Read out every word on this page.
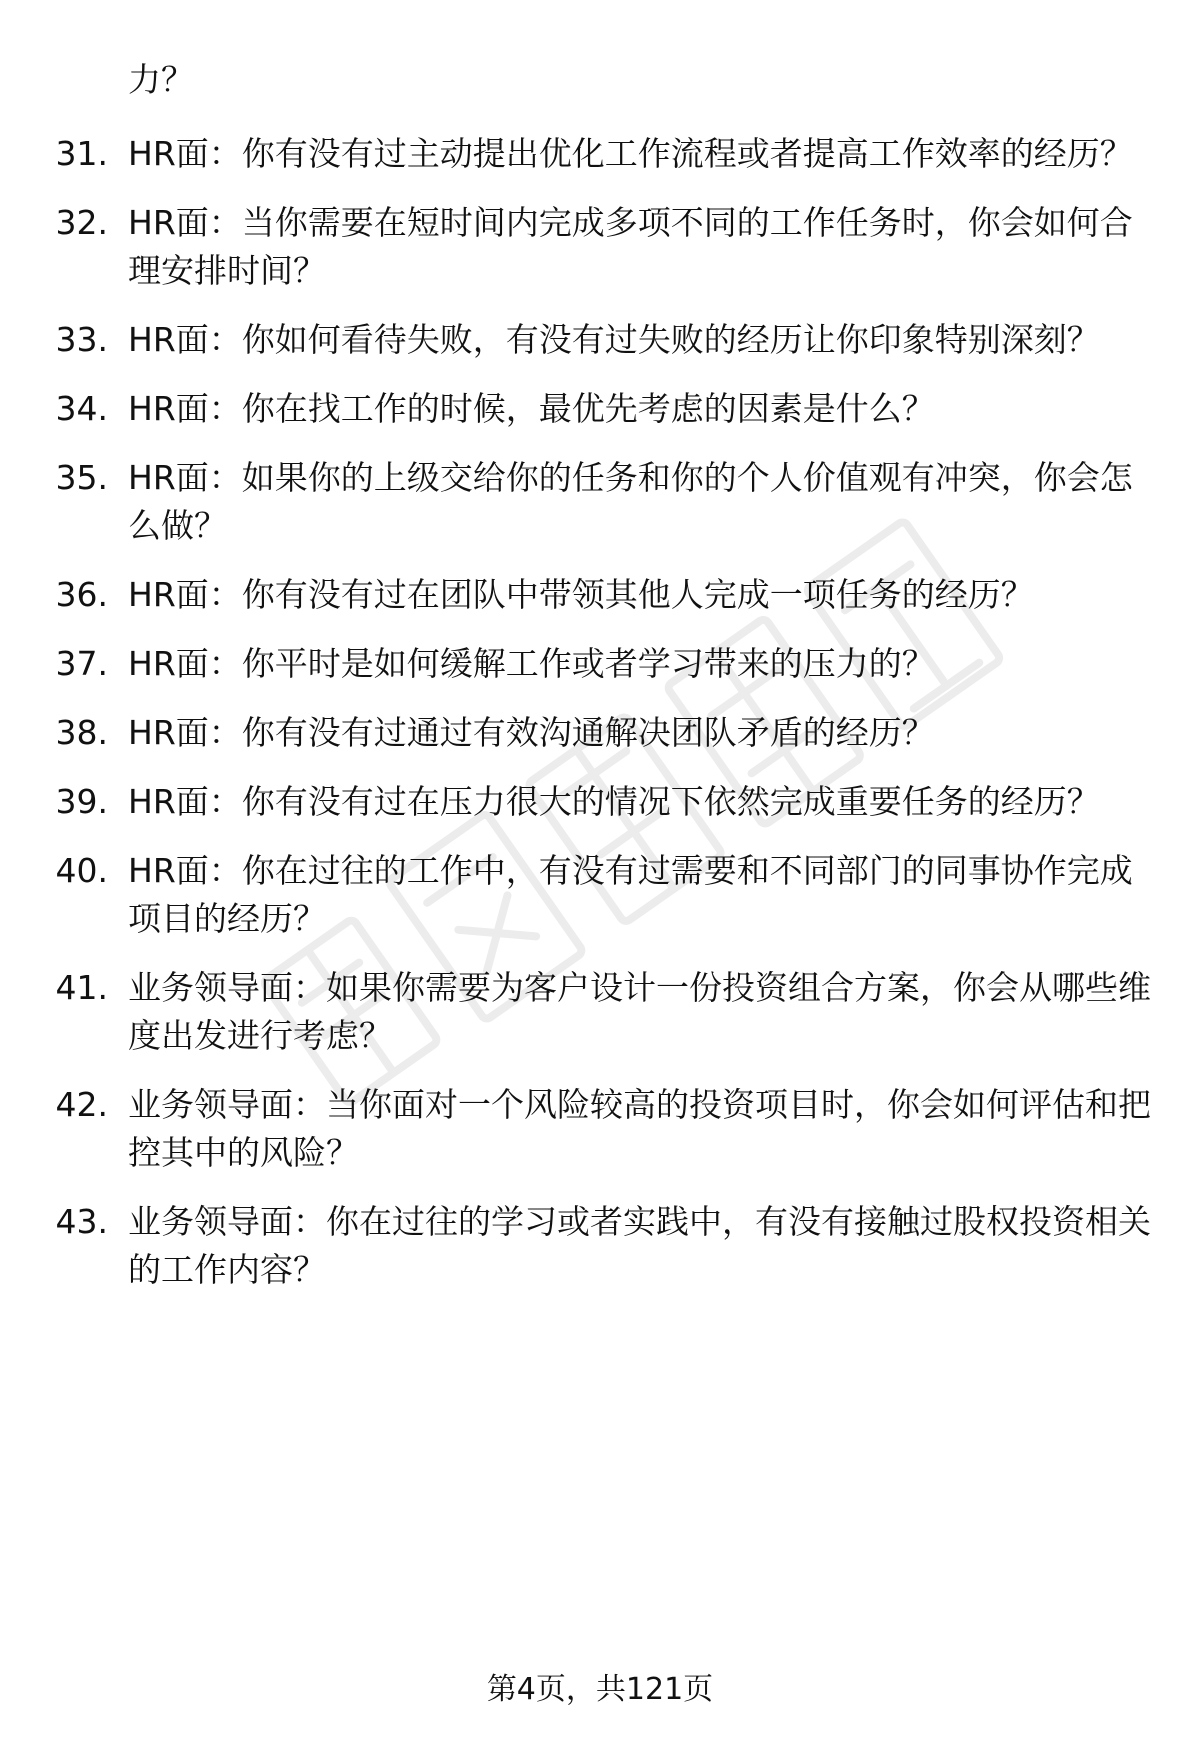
力？

31. HR面：你有没有过主动提出优化工作流程或者提高工作效率的经历？
32. HR面：当你需要在短时间内完成多项不同的工作任务时，你会如何合理安排时间？
33. HR面：你如何看待失败，有没有过失败的经历让你印象特别深刻？
34. HR面：你在找工作的时候，最优先考虑的因素是什么？
35. HR面：如果你的上级交给你的任务和你的个人价值观有冲突，你会怎么做？
36. HR面：你有没有过在团队中带领其他人完成一项任务的经历？
37. HR面：你平时是如何缓解工作或者学习带来的压力的？
38. HR面：你有没有过通过有效沟通解决团队矛盾的经历？
39. HR面：你有没有过在压力很大的情况下依然完成重要任务的经历？
40. HR面：你在过往的工作中，有没有过需要和不同部门的同事协作完成项目的经历？
41. 业务领导面：如果你需要为客户设计一份投资组合方案，你会从哪些维度出发进行考虑？
42. 业务领导面：当你面对一个风险较高的投资项目时，你会如何评估和把控其中的风险？
43. 业务领导面：你在过往的学习或者实践中，有没有接触过股权投资相关的工作内容？
第4页，共121页
